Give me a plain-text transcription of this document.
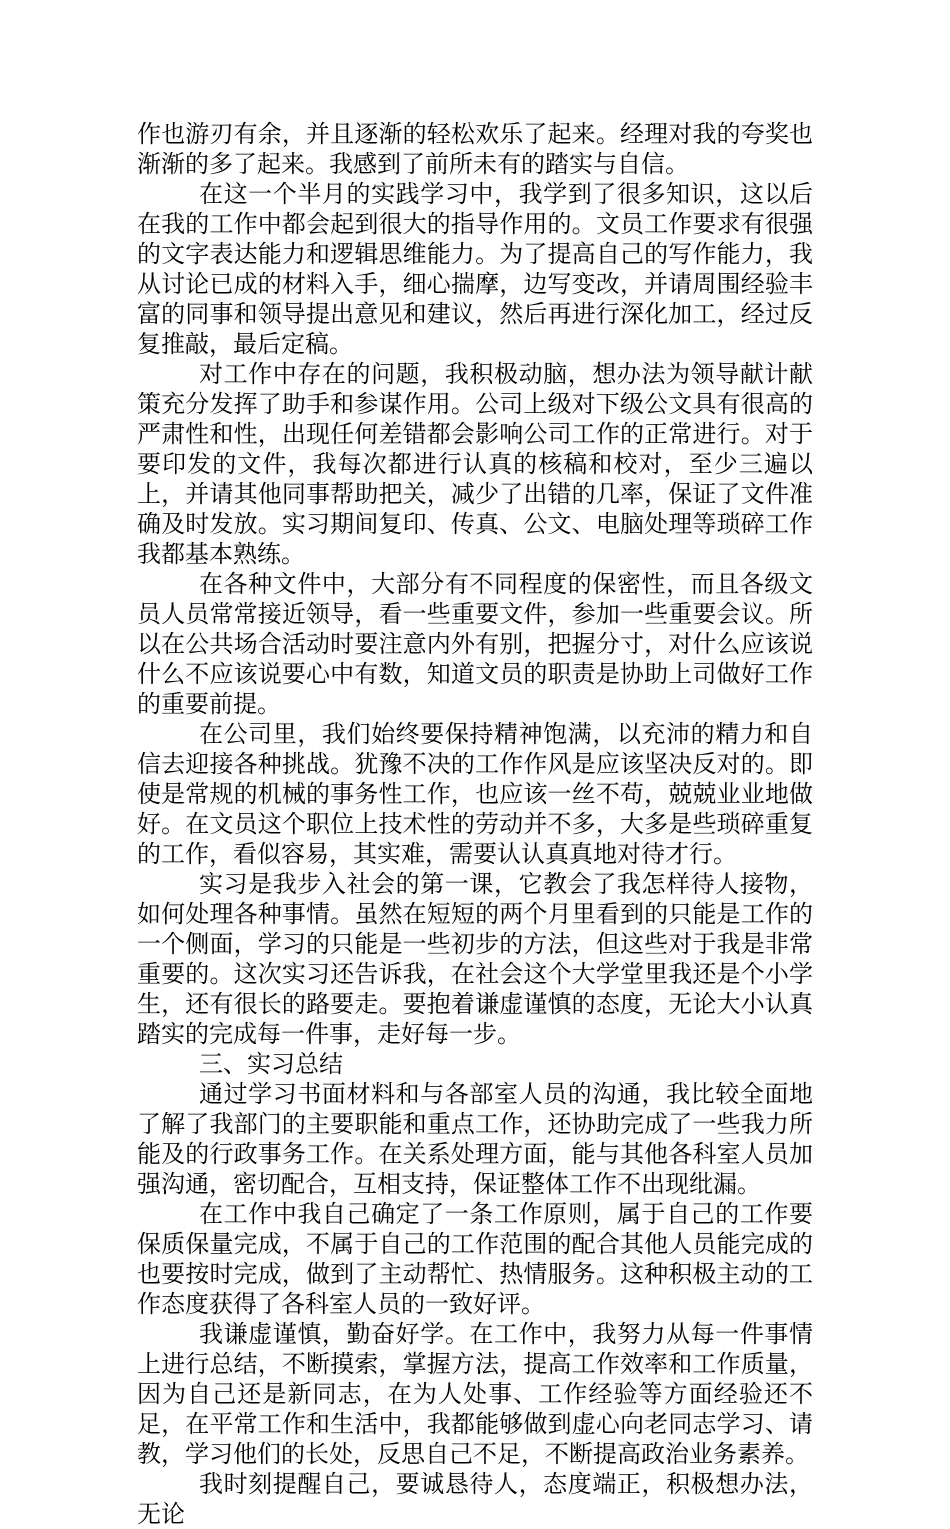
作也游刃有余，并且逐渐的轻松欢乐了起来。经理对我的夸奖也渐渐的多了起来。我感到了前所未有的踏实与自信。

在这一个半月的实践学习中，我学到了很多知识，这以后在我的工作中都会起到很大的指导作用的。文员工作要求有很强的文字表达能力和逻辑思维能力。为了提高自己的写作能力，我从讨论已成的材料入手，细心揣摩，边写变改，并请周围经验丰富的同事和领导提出意见和建议，然后再进行深化加工，经过反复推敲，最后定稿。

对工作中存在的问题，我积极动脑，想办法为领导献计献策充分发挥了助手和参谋作用。公司上级对下级公文具有很高的严肃性和性，出现任何差错都会影响公司工作的正常进行。对于要印发的文件，我每次都进行认真的核稿和校对，至少三遍以上，并请其他同事帮助把关，减少了出错的几率，保证了文件准确及时发放。实习期间复印、传真、公文、电脑处理等琐碎工作我都基本熟练。

在各种文件中，大部分有不同程度的保密性，而且各级文员人员常常接近领导，看一些重要文件，参加一些重要会议。所以在公共场合活动时要注意内外有别，把握分寸，对什么应该说什么不应该说要心中有数，知道文员的职责是协助上司做好工作的重要前提。

在公司里，我们始终要保持精神饱满，以充沛的精力和自信去迎接各种挑战。犹豫不决的工作作风是应该坚决反对的。即使是常规的机械的事务性工作，也应该一丝不苟，兢兢业业地做好。在文员这个职位上技术性的劳动并不多，大多是些琐碎重复的工作，看似容易，其实难，需要认认真真地对待才行。

实习是我步入社会的第一课，它教会了我怎样待人接物，如何处理各种事情。虽然在短短的两个月里看到的只能是工作的一个侧面，学习的只能是一些初步的方法，但这些对于我是非常重要的。这次实习还告诉我，在社会这个大学堂里我还是个小学生，还有很长的路要走。要抱着谦虚谨慎的态度，无论大小认真踏实的完成每一件事，走好每一步。

三、实习总结

通过学习书面材料和与各部室人员的沟通，我比较全面地了解了我部门的主要职能和重点工作，还协助完成了一些我力所能及的行政事务工作。在关系处理方面，能与其他各科室人员加强沟通，密切配合，互相支持，保证整体工作不出现纰漏。

在工作中我自己确定了一条工作原则，属于自己的工作要保质保量完成，不属于自己的工作范围的配合其他人员能完成的也要按时完成，做到了主动帮忙、热情服务。这种积极主动的工作态度获得了各科室人员的一致好评。

我谦虚谨慎，勤奋好学。在工作中，我努力从每一件事情上进行总结，不断摸索，掌握方法，提高工作效率和工作质量，因为自己还是新同志，在为人处事、工作经验等方面经验还不足，在平常工作和生活中，我都能够做到虚心向老同志学习、请教，学习他们的长处，反思自己不足，不断提高政治业务素养。

我时刻提醒自己，要诚恳待人，态度端正，积极想办法，无论
